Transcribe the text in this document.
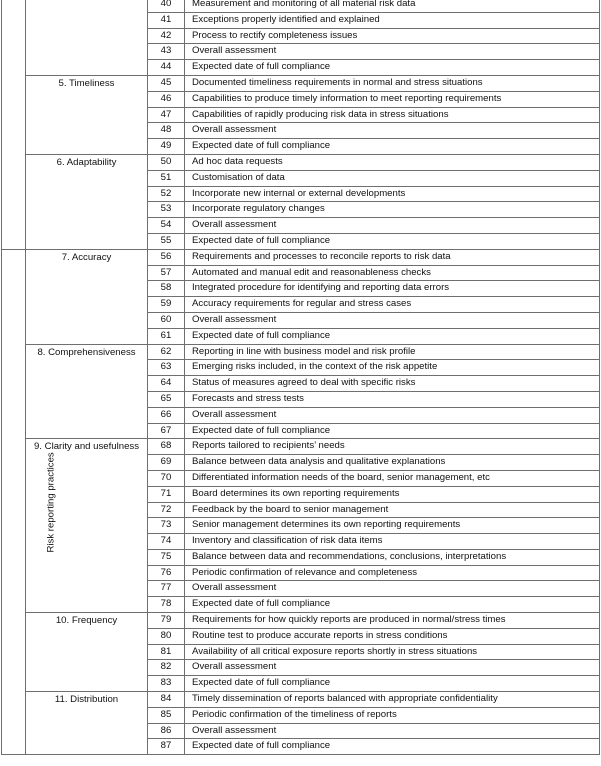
		40	Measurement and monitoring of all material risk data
		41	Exceptions properly identified and explained
		42	Process to rectify completeness issues
		43	Overall assessment
		44	Expected date of full compliance
	5. Timeliness	45	Documented timeliness requirements in normal and stress situations
		46	Capabilities to produce timely information to meet reporting requirements
		47	Capabilities of rapidly producing risk data in stress situations
		48	Overall assessment
		49	Expected date of full compliance
	6. Adaptability	50	Ad hoc data requests
		51	Customisation of data
		52	Incorporate new internal or external developments
		53	Incorporate regulatory changes
		54	Overall assessment
		55	Expected date of full compliance
Risk reporting practices	7. Accuracy	56	Requirements and processes to reconcile reports to risk data
		57	Automated and manual edit and reasonableness checks
		58	Integrated procedure for identifying and reporting data errors
		59	Accuracy requirements for regular and stress cases
		60	Overall assessment
		61	Expected date of full compliance
	8. Comprehensiveness	62	Reporting in line with business model and risk profile
		63	Emerging risks included, in the context of the risk appetite
		64	Status of measures agreed to deal with specific risks
		65	Forecasts and stress tests
		66	Overall assessment
		67	Expected date of full compliance
	9. Clarity and usefulness	68	Reports tailored to recipients’ needs
		69	Balance between data analysis and qualitative explanations
		70	Differentiated information needs of the board, senior management, etc
		71	Board determines its own reporting requirements
		72	Feedback by the board to senior management
		73	Senior management determines its own reporting requirements
		74	Inventory and classification of risk data items
		75	Balance between data and recommendations, conclusions, interpretations
		76	Periodic confirmation of relevance and completeness
		77	Overall assessment
		78	Expected date of full compliance
	10. Frequency	79	Requirements for how quickly reports are produced in normal/stress times
		80	Routine test to produce accurate reports in stress conditions
		81	Availability of all critical exposure reports shortly in stress situations
		82	Overall assessment
		83	Expected date of full compliance
	11. Distribution	84	Timely dissemination of reports balanced with appropriate confidentiality
		85	Periodic confirmation of the timeliness of reports
		86	Overall assessment
		87	Expected date of full compliance
